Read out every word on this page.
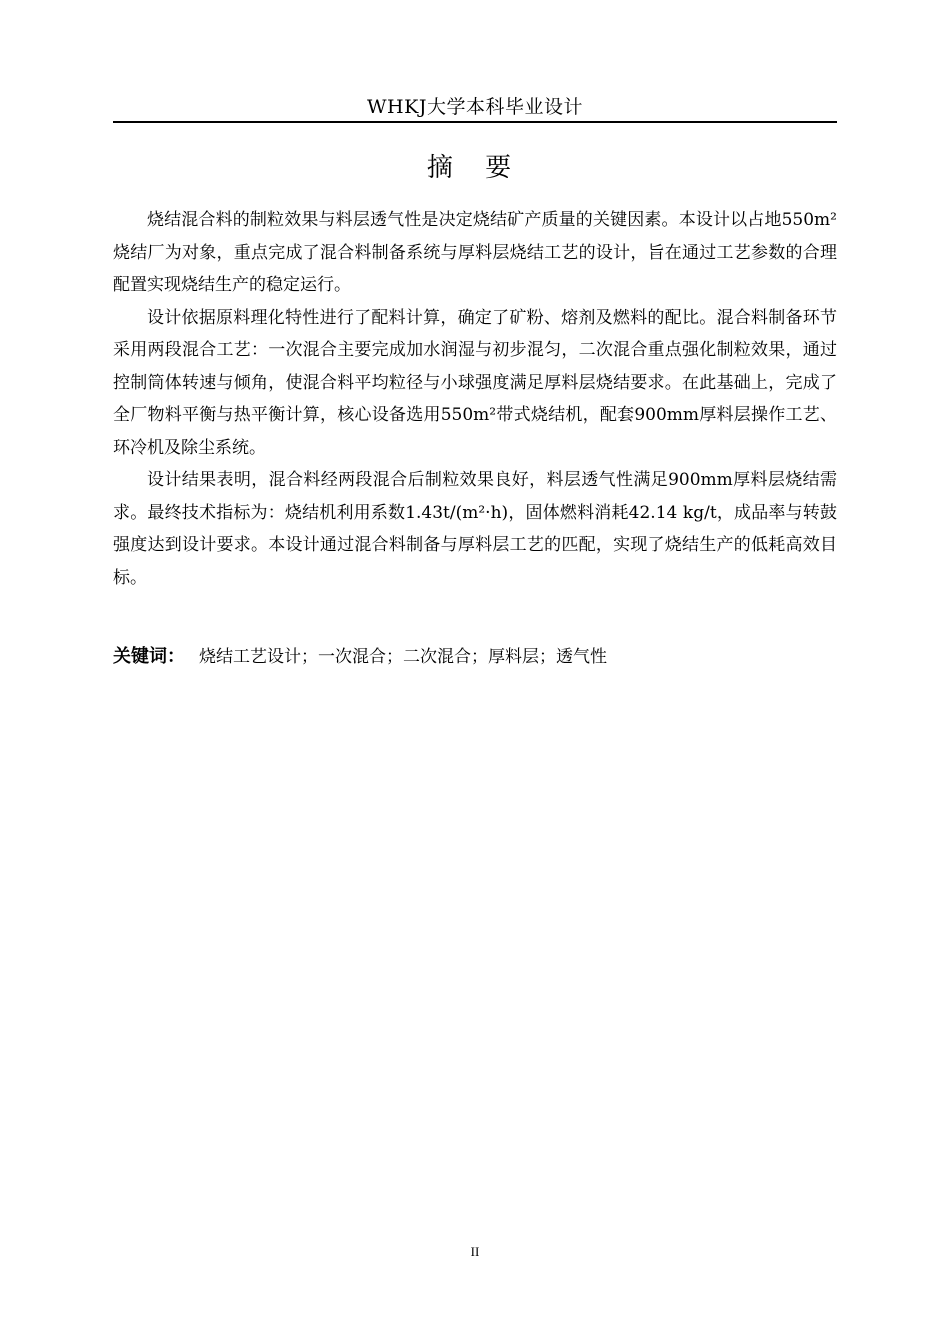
WHKJ大学本科毕业设计
摘 要

烧结混合料的制粒效果与料层透气性是决定烧结矿产质量的关键因素。本设计以占地550m²烧结厂为对象，重点完成了混合料制备系统与厚料层烧结工艺的设计，旨在通过工艺参数的合理配置实现烧结生产的稳定运行。

设计依据原料理化特性进行了配料计算，确定了矿粉、熔剂及燃料的配比。混合料制备环节采用两段混合工艺：一次混合主要完成加水润湿与初步混匀，二次混合重点强化制粒效果，通过控制筒体转速与倾角，使混合料平均粒径与小球强度满足厚料层烧结要求。在此基础上，完成了全厂物料平衡与热平衡计算，核心设备选用550m²带式烧结机，配套900mm厚料层操作工艺、环冷机及除尘系统。

设计结果表明，混合料经两段混合后制粒效果良好，料层透气性满足900mm厚料层烧结需求。最终技术指标为：烧结机利用系数1.43t/(m²·h)，固体燃料消耗42.14 kg/t，成品率与转鼓强度达到设计要求。本设计通过混合料制备与厚料层工艺的匹配，实现了烧结生产的低耗高效目标。

关键词： 烧结工艺设计；一次混合；二次混合；厚料层；透气性
II
